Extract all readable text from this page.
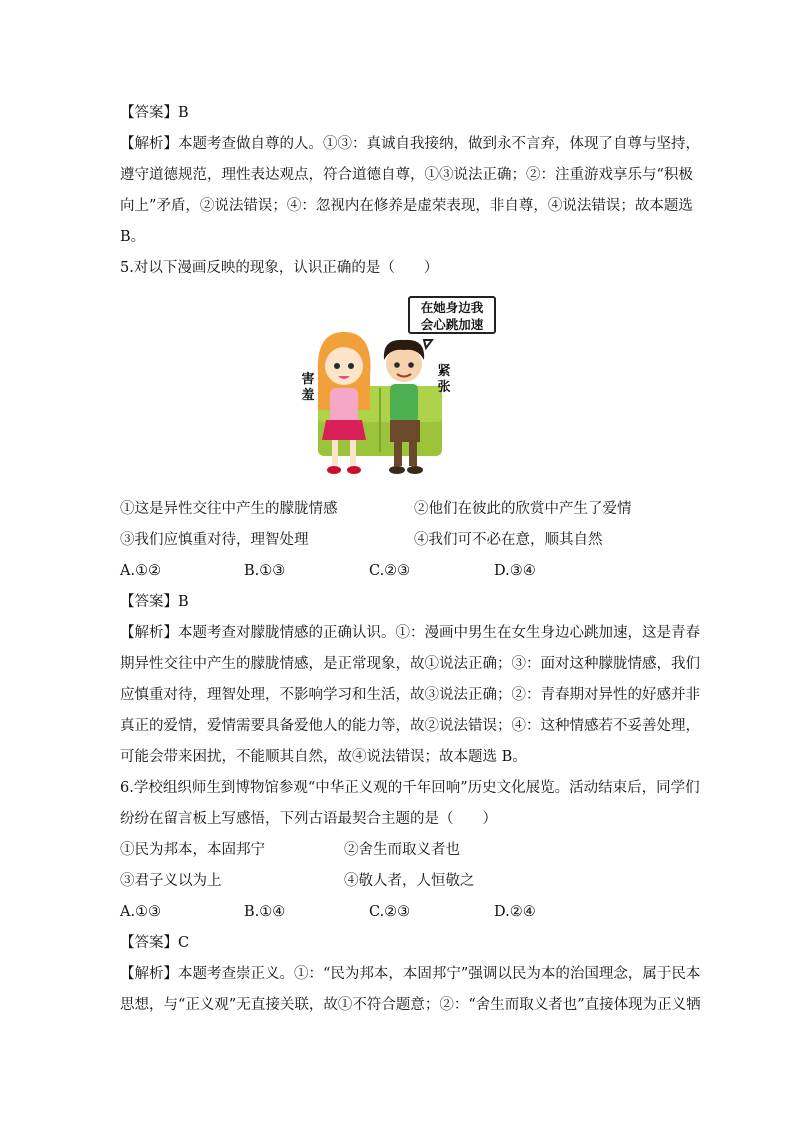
【答案】B
【解析】本题考查做自尊的人。①③：真诚自我接纳，做到永不言弃，体现了自尊与坚持，
遵守道德规范，理性表达观点，符合道德自尊，①③说法正确；②：注重游戏享乐与“积极
向上”矛盾，②说法错误；④：忽视内在修养是虚荣表现，非自尊，④说法错误；故本题选
B。
5.对以下漫画反映的现象，认识正确的是（　　）
在她身边我
会心跳加速
害羞
紧张
①这是异性交往中产生的朦胧情感	②他们在彼此的欣赏中产生了爱情
③我们应慎重对待，理智处理	④我们可不必在意，顺其自然
A.①②	B.①③	C.②③	D.③④
【答案】B
【解析】本题考查对朦胧情感的正确认识。①：漫画中男生在女生身边心跳加速，这是青春
期异性交往中产生的朦胧情感，是正常现象，故①说法正确；③：面对这种朦胧情感，我们
应慎重对待，理智处理，不影响学习和生活，故③说法正确；②：青春期对异性的好感并非
真正的爱情，爱情需要具备爱他人的能力等，故②说法错误；④：这种情感若不妥善处理，
可能会带来困扰，不能顺其自然，故④说法错误；故本题选 B。
6.学校组织师生到博物馆参观“中华正义观的千年回响”历史文化展览。活动结束后，同学们
纷纷在留言板上写感悟，下列古语最契合主题的是（　　）
①民为邦本，本固邦宁	②舍生而取义者也
③君子义以为上	④敬人者，人恒敬之
A.①③	B.①④	C.②③	D.②④
【答案】C
【解析】本题考查崇正义。①：“民为邦本，本固邦宁”强调以民为本的治国理念，属于民本
思想，与“正义观”无直接关联，故①不符合题意；②：“舍生而取义者也”直接体现为正义牺
